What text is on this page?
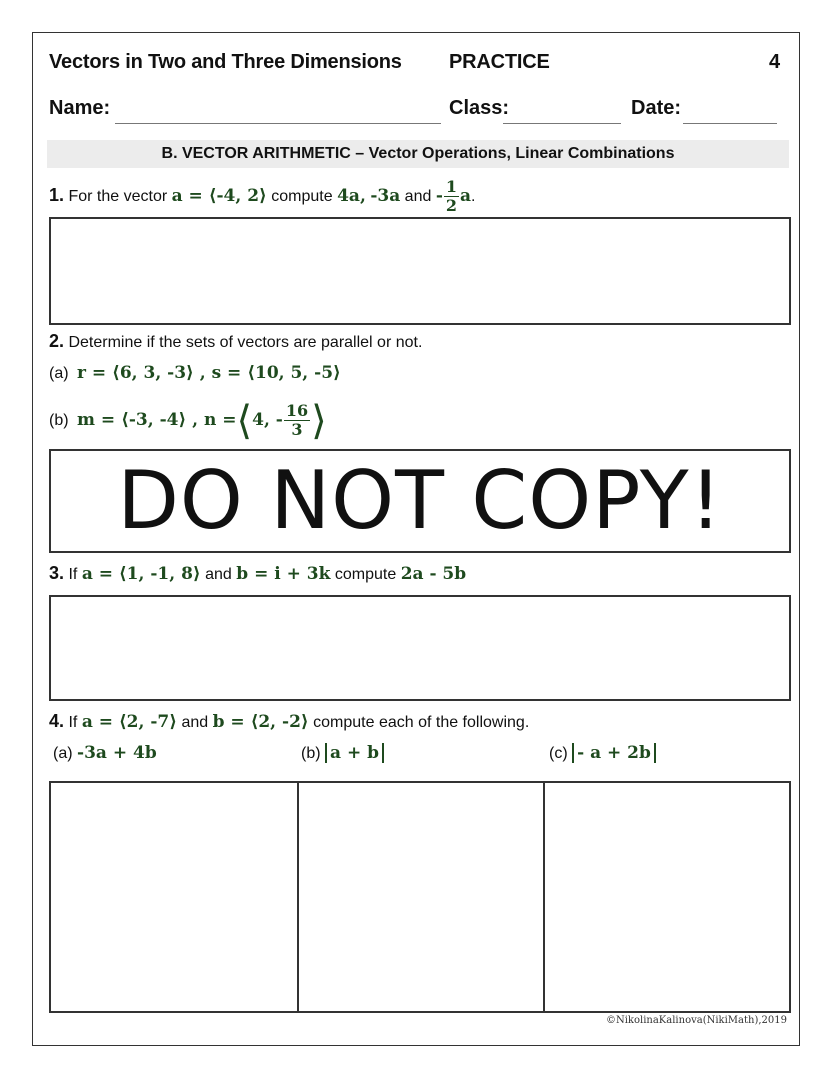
Vectors in Two and Three Dimensions PRACTICE	4
Name:	Class:	Date:
B. VECTOR ARITHMETIC – Vector Operations, Linear Combinations
1. For the vector a = ⟨-4, 2⟩ compute 4a, -3a and - $\frac{1}{2} a$.
2. Determine if the sets of vectors are parallel or not.
(a) r = ⟨6, 3, -3⟩ , s = ⟨10, 5, -5⟩
(b) m = ⟨-3, -4⟩ , n =⟨4, - $\frac{16}{3}$ ⟩
DO NOT COPY!
3. If a = ⟨1, -1, 8⟩ and b = i + 3k compute 2a - 5b
4. If a = ⟨2, -7⟩ and b = ⟨2, -2⟩ compute each of the following.
(a) -3a + 4b	(b) a + b	(c) - a + 2b
©NikolinaKalinova(NikiMath),2019
